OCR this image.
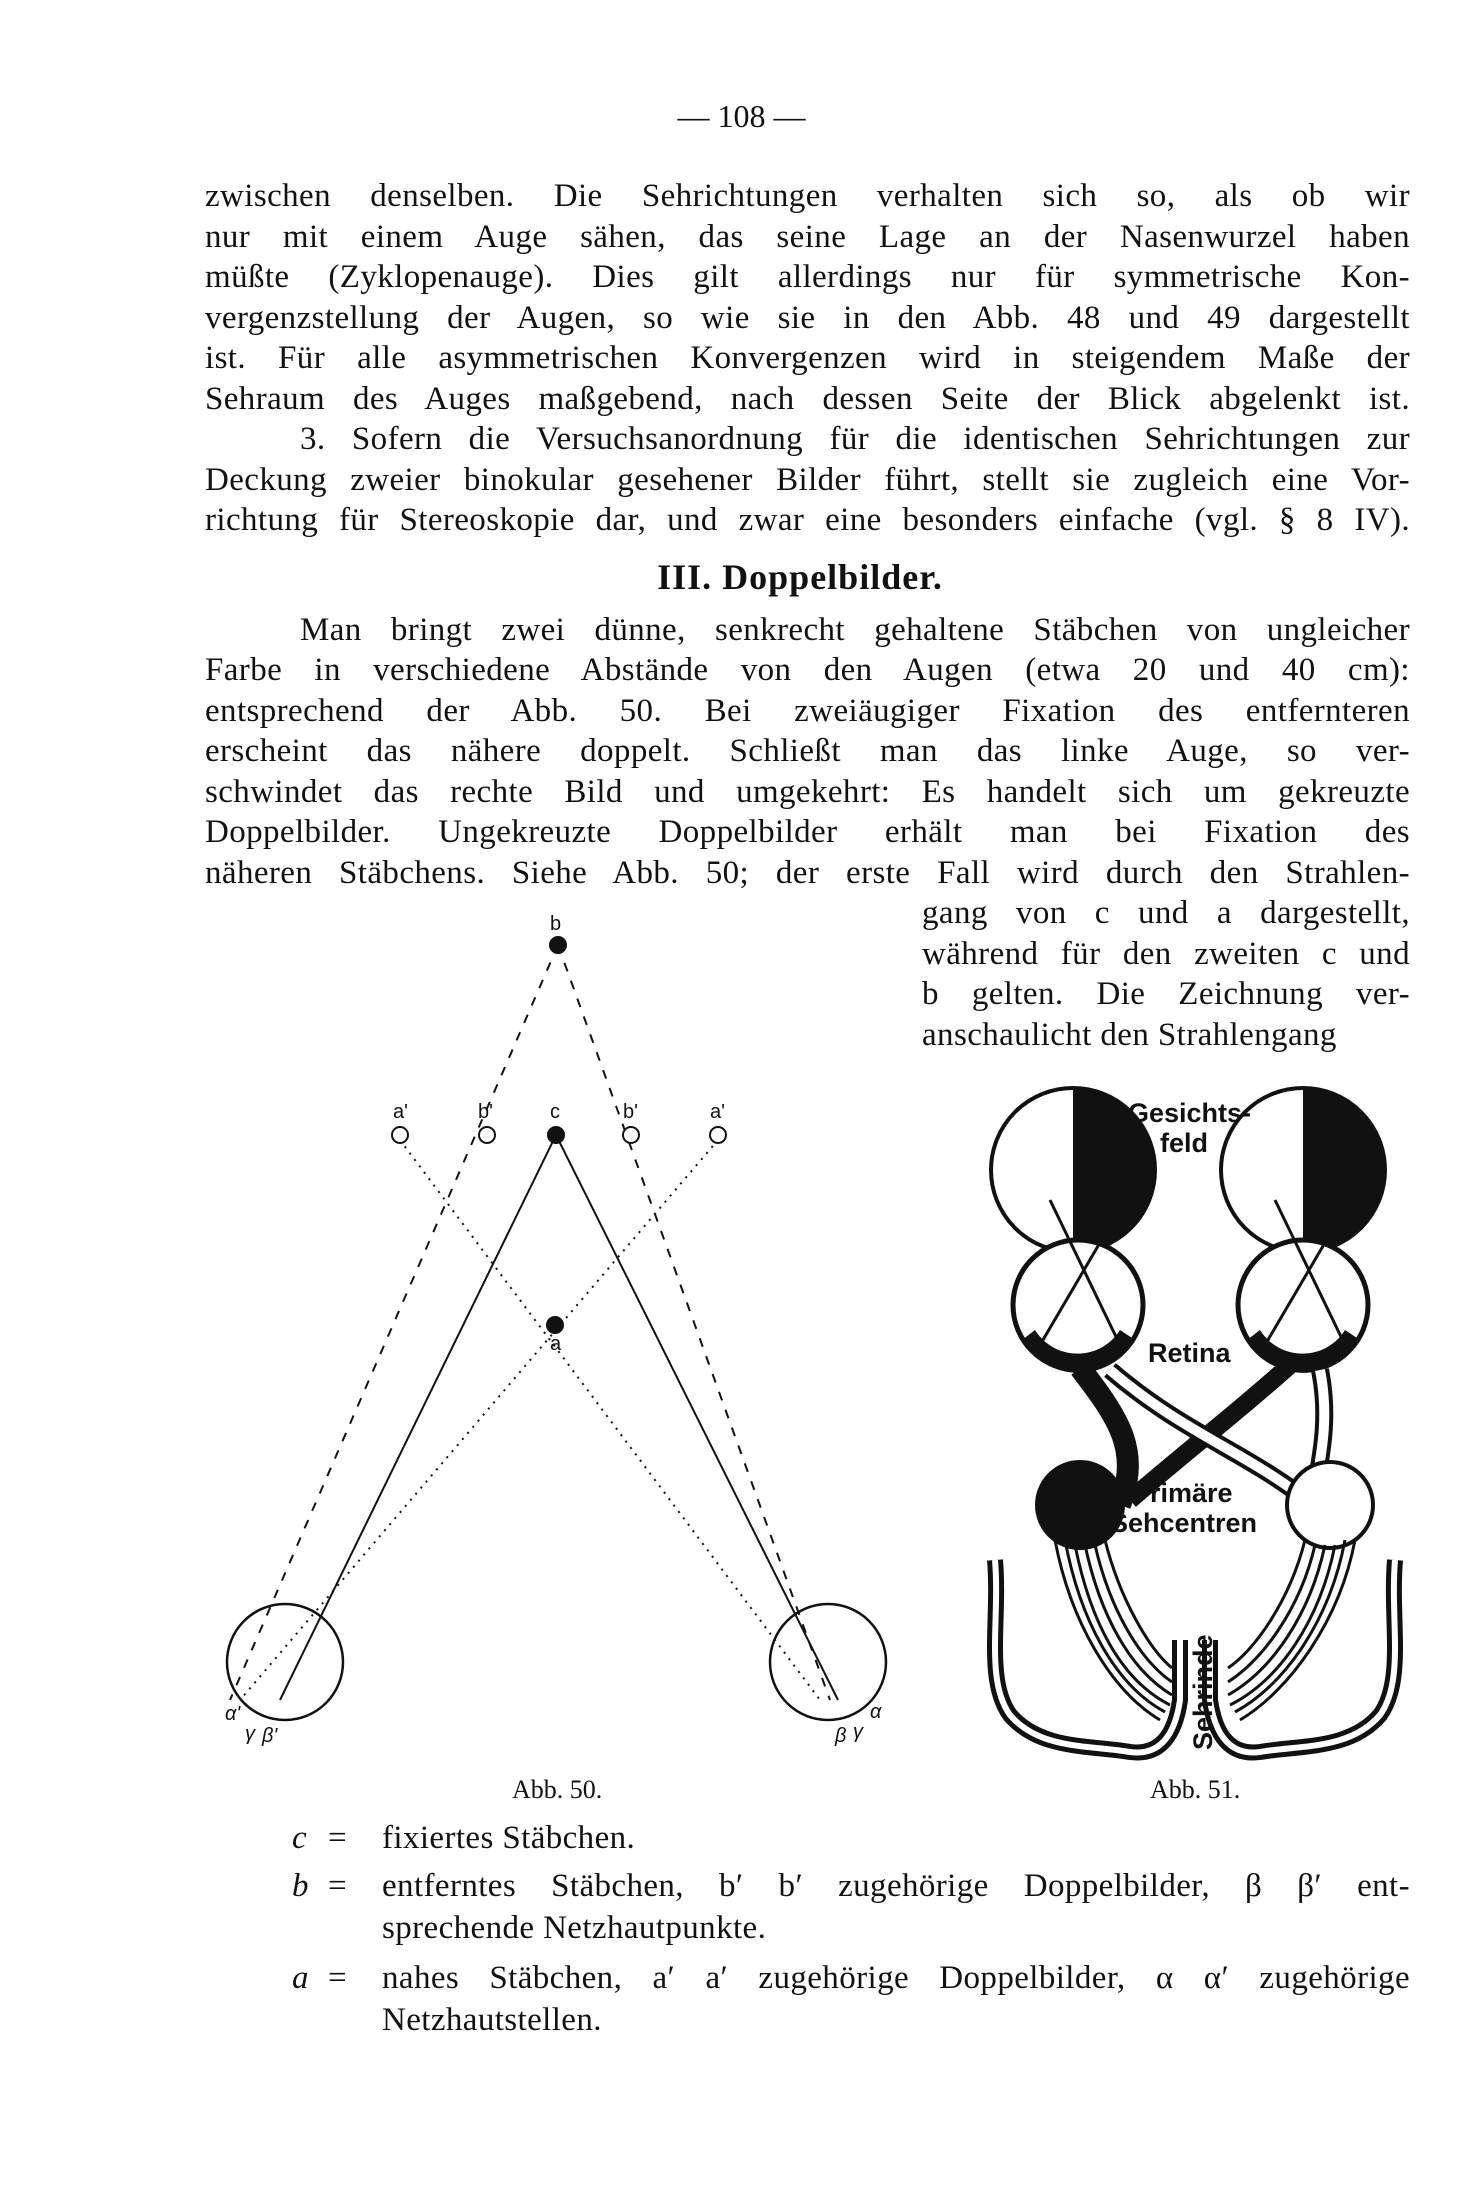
— 108 —
zwischen denselben. Die Sehrichtungen verhalten sich so, als ob wir
nur mit einem Auge sähen, das seine Lage an der Nasenwurzel haben
müßte (Zyklopenauge). Dies gilt allerdings nur für symmetrische Kon-
vergenzstellung der Augen, so wie sie in den Abb. 48 und 49 dargestellt
ist. Für alle asymmetrischen Konvergenzen wird in steigendem Maße der
Sehraum des Auges maßgebend, nach dessen Seite der Blick abgelenkt ist.
3. Sofern die Versuchsanordnung für die identischen Sehrichtungen zur
Deckung zweier binokular gesehener Bilder führt, stellt sie zugleich eine Vor-
richtung für Stereoskopie dar, und zwar eine besonders einfache (vgl. § 8 IV).
III. Doppelbilder.
Man bringt zwei dünne, senkrecht gehaltene Stäbchen von ungleicher
Farbe in verschiedene Abstände von den Augen (etwa 20 und 40 cm):
entsprechend der Abb. 50. Bei zweiäugiger Fixation des entfernteren
erscheint das nähere doppelt. Schließt man das linke Auge, so ver-
schwindet das rechte Bild und umgekehrt: Es handelt sich um gekreuzte
Doppelbilder. Ungekreuzte Doppelbilder erhält man bei Fixation des
näheren Stäbchens. Siehe Abb. 50; der erste Fall wird durch den Strahlen-
gang von c und a dargestellt,
während für den zweiten c und
b gelten. Die Zeichnung ver-
anschaulicht den Strahlengang
b
c
a
a'	b'	b'	a'
α'
γ β'	β γ
α
Gesichts-
feld
Retina
Primäre
Sehcentren
Sehrinde
Abb. 50.	Abb. 51.
c = fixiertes Stäbchen.
b = entferntes Stäbchen, b′ b′ zugehörige Doppelbilder, β β′ ent-
sprechende Netzhautpunkte.
a = nahes Stäbchen, a′ a′ zugehörige Doppelbilder, α α′ zugehörige
Netzhautstellen.
